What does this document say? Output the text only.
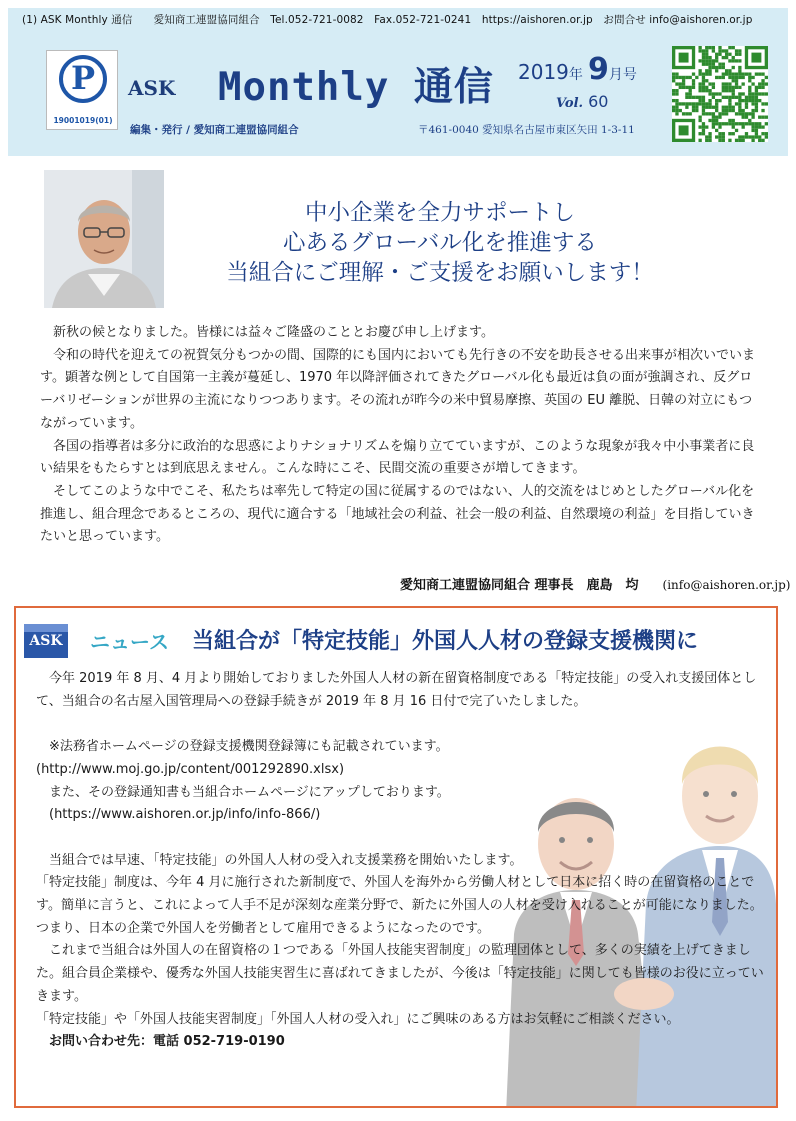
(1) ASK Monthly 通信　　愛知商工連盟協同組合　Tel.052-721-0082　Fax.052-721-0241　https://aishoren.or.jp　お問合せ info@aishoren.or.jp
P
19001019(01)
ASK Monthly 通信 2019年 9月号
Vol. 60
編集・発行 / 愛知商工連盟協同組合	〒461-0040 愛知県名古屋市東区矢田 1-3-11
中小企業を全力サポートし
心あるグローバル化を推進する
当組合にご理解・ご支援をお願いします！

新秋の候となりました。皆様には益々ご隆盛のこととお慶び申し上げます。

令和の時代を迎えての祝賀気分もつかの間、国際的にも国内においても先行きの不安を助長させる出来事が相次いでいます。顕著な例として自国第一主義が蔓延し、1970 年以降評価されてきたグローバル化も最近は負の面が強調され、反グローバリゼーションが世界の主流になりつつあります。その流れが昨今の米中貿易摩擦、英国の EU 離脱、日韓の対立にもつながっています。

各国の指導者は多分に政治的な思惑によりナショナリズムを煽り立てていますが、このような現象が我々中小事業者に良い結果をもたらすとは到底思えません。こんな時にこそ、民間交流の重要さが増してきます。

そしてこのような中でこそ、私たちは率先して特定の国に従属するのではない、人的交流をはじめとしたグローバル化を推進し、組合理念であるところの、現代に適合する「地域社会の利益、社会一般の利益、自然環境の利益」を目指していきたいと思っています。

愛知商工連盟協同組合 理事長　鹿島　均 (info@aishoren.or.jp)
ASK ニュース 当組合が「特定技能」外国人人材の登録支援機関に

今年 2019 年 8 月、4 月より開始しておりました外国人人材の新在留資格制度である「特定技能」の受入れ支援団体として、当組合の名古屋入国管理局への登録手続きが 2019 年 8 月 16 日付で完了いたしました。

※法務省ホームページの登録支援機関登録簿にも記載されています。

(http://www.moj.go.jp/content/001292890.xlsx)

また、その登録通知書も当組合ホームページにアップしております。

(https://www.aishoren.or.jp/info/info-866/)

当組合では早速、「特定技能」の外国人人材の受入れ支援業務を開始いたします。

「特定技能」制度は、今年 4 月に施行された新制度で、外国人を海外から労働人材として日本に招く時の在留資格のことです。簡単に言うと、これによって人手不足が深刻な産業分野で、新たに外国人の人材を受け入れることが可能になりました。つまり、日本の企業で外国人を労働者として雇用できるようになったのです。

これまで当組合は外国人の在留資格の１つである「外国人技能実習制度」の監理団体として、多くの実績を上げてきました。組合員企業様や、優秀な外国人技能実習生に喜ばれてきましたが、今後は「特定技能」に関しても皆様のお役に立っていきます。

「特定技能」や「外国人技能実習制度」「外国人人材の受入れ」にご興味のある方はお気軽にご相談ください。

お問い合わせ先：電話 052-719-0190
